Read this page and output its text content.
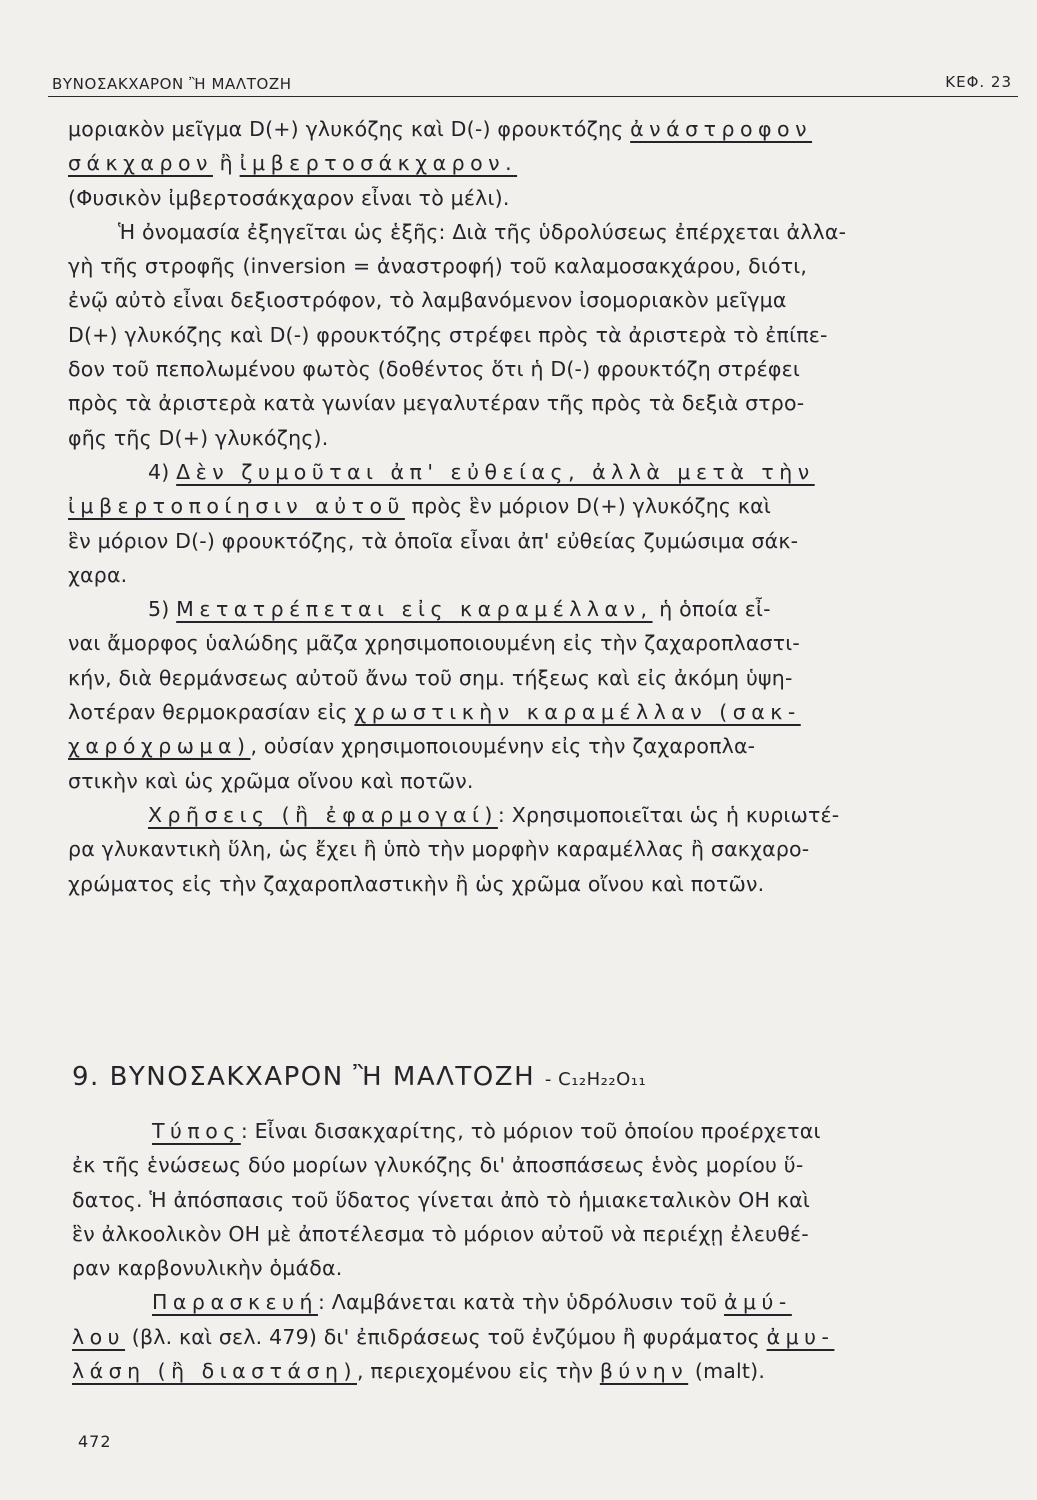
ΒΥΝΟΣΑΚΧΑΡΟΝ Ἢ ΜΑΛΤΟΖΗ	ΚΕΦ. 23
μοριακὸν μεῖγμα D(+) γλυκόζης καὶ D(-) φρουκτόζης ἀνάστροφον
σάκχαρον ἢ ἰμβερτοσάκχαρον.
(Φυσικὸν ἰμβερτοσάκχαρον εἶναι τὸ μέλι).
Ἡ ὀνομασία ἐξηγεῖται ὡς ἑξῆς: Διὰ τῆς ὑδρολύσεως ἐπέρχεται ἀλλα-
γὴ τῆς στροφῆς (inversion = ἀναστροφή) τοῦ καλαμοσακχάρου, διότι,
ἐνῷ αὐτὸ εἶναι δεξιοστρόφον, τὸ λαμβανόμενον ἰσομοριακὸν μεῖγμα
D(+) γλυκόζης καὶ D(-) φρουκτόζης στρέφει πρὸς τὰ ἀριστερὰ τὸ ἐπίπε-
δον τοῦ πεπολωμένου φωτὸς (δοθέντος ὅτι ἡ D(-) φρουκτόζη στρέφει
πρὸς τὰ ἀριστερὰ κατὰ γωνίαν μεγαλυτέραν τῆς πρὸς τὰ δεξιὰ στρο-
φῆς τῆς D(+) γλυκόζης).
4) Δὲν ζυμοῦται ἀπ' εὐθείας, ἀλλὰ μετὰ τὴν
ἰμβερτοποίησιν αὐτοῦ πρὸς ἓν μόριον D(+) γλυκόζης καὶ
ἓν μόριον D(-) φρουκτόζης, τὰ ὁποῖα εἶναι ἀπ' εὐθείας ζυμώσιμα σάκ-
χαρα.
5) Μετατρέπεται εἰς καραμέλλαν, ἡ ὁποία εἶ-
ναι ἄμορφος ὑαλώδης μᾶζα χρησιμοποιουμένη εἰς τὴν ζαχαροπλαστι-
κήν, διὰ θερμάνσεως αὐτοῦ ἄνω τοῦ σημ. τήξεως καὶ εἰς ἀκόμη ὑψη-
λοτέραν θερμοκρασίαν εἰς χρωστικὴν καραμέλλαν (σακ-
χαρόχρωμα), οὐσίαν χρησιμοποιουμένην εἰς τὴν ζαχαροπλα-
στικὴν καὶ ὡς χρῶμα οἴνου καὶ ποτῶν.
Χρῆσεις (ἢ ἐφαρμογαί): Χρησιμοποιεῖται ὡς ἡ κυριωτέ-
ρα γλυκαντικὴ ὕλη, ὡς ἔχει ἢ ὑπὸ τὴν μορφὴν καραμέλλας ἢ σακχαρο-
χρώματος εἰς τὴν ζαχαροπλαστικὴν ἢ ὡς χρῶμα οἴνου καὶ ποτῶν.
9. ΒΥΝΟΣΑΚΧΑΡΟΝ Ἢ ΜΑΛΤΟΖΗ - C₁₂H₂₂O₁₁
Τύπος: Εἶναι δισακχαρίτης, τὸ μόριον τοῦ ὁποίου προέρχεται
ἐκ τῆς ἑνώσεως δύο μορίων γλυκόζης δι' ἀποσπάσεως ἑνὸς μορίου ὕ-
δατος. Ἡ ἀπόσπασις τοῦ ὕδατος γίνεται ἀπὸ τὸ ἡμιακεταλικὸν ΟΗ καὶ
ἓν ἀλκοολικὸν ΟΗ μὲ ἀποτέλεσμα τὸ μόριον αὐτοῦ νὰ περιέχῃ ἐλευθέ-
ραν καρβονυλικὴν ὁμάδα.
Παρασκευή: Λαμβάνεται κατὰ τὴν ὑδρόλυσιν τοῦ ἀμύ-
λου (βλ. καὶ σελ. 479) δι' ἐπιδράσεως τοῦ ἐνζύμου ἢ φυράματος ἀμυ-
λάση (ἢ διαστάση), περιεχομένου εἰς τὴν βύνην (malt).
472
